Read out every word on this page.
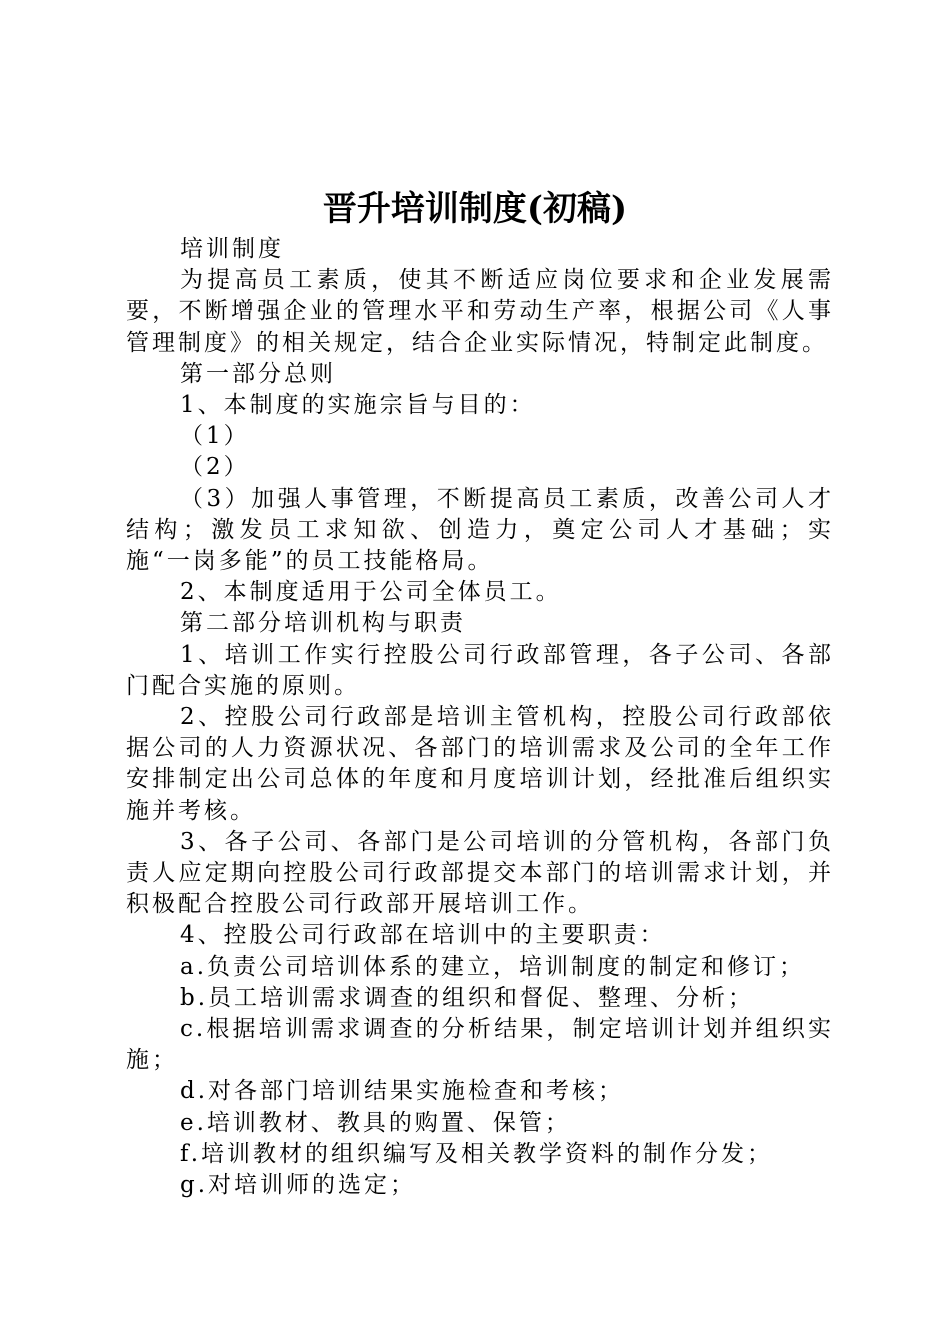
晋升培训制度(初稿)

培训制度

为提高员工素质，使其不断适应岗位要求和企业发展需要，不断增强企业的管理水平和劳动生产率，根据公司《人事管理制度》的相关规定，结合企业实际情况，特制定此制度。

第一部分总则

1、本制度的实施宗旨与目的：

（1）

（2）

（3）加强人事管理，不断提高员工素质，改善公司人才结构；激发员工求知欲、创造力，奠定公司人才基础；实施“一岗多能”的员工技能格局。

2、本制度适用于公司全体员工。

第二部分培训机构与职责

1、培训工作实行控股公司行政部管理，各子公司、各部门配合实施的原则。

2、控股公司行政部是培训主管机构，控股公司行政部依据公司的人力资源状况、各部门的培训需求及公司的全年工作安排制定出公司总体的年度和月度培训计划，经批准后组织实施并考核。

3、各子公司、各部门是公司培训的分管机构，各部门负责人应定期向控股公司行政部提交本部门的培训需求计划，并积极配合控股公司行政部开展培训工作。

4、控股公司行政部在培训中的主要职责：

a.负责公司培训体系的建立，培训制度的制定和修订；

b.员工培训需求调查的组织和督促、整理、分析；

c.根据培训需求调查的分析结果，制定培训计划并组织实施；

d.对各部门培训结果实施检查和考核；

e.培训教材、教具的购置、保管；

f.培训教材的组织编写及相关教学资料的制作分发；

g.对培训师的选定；
